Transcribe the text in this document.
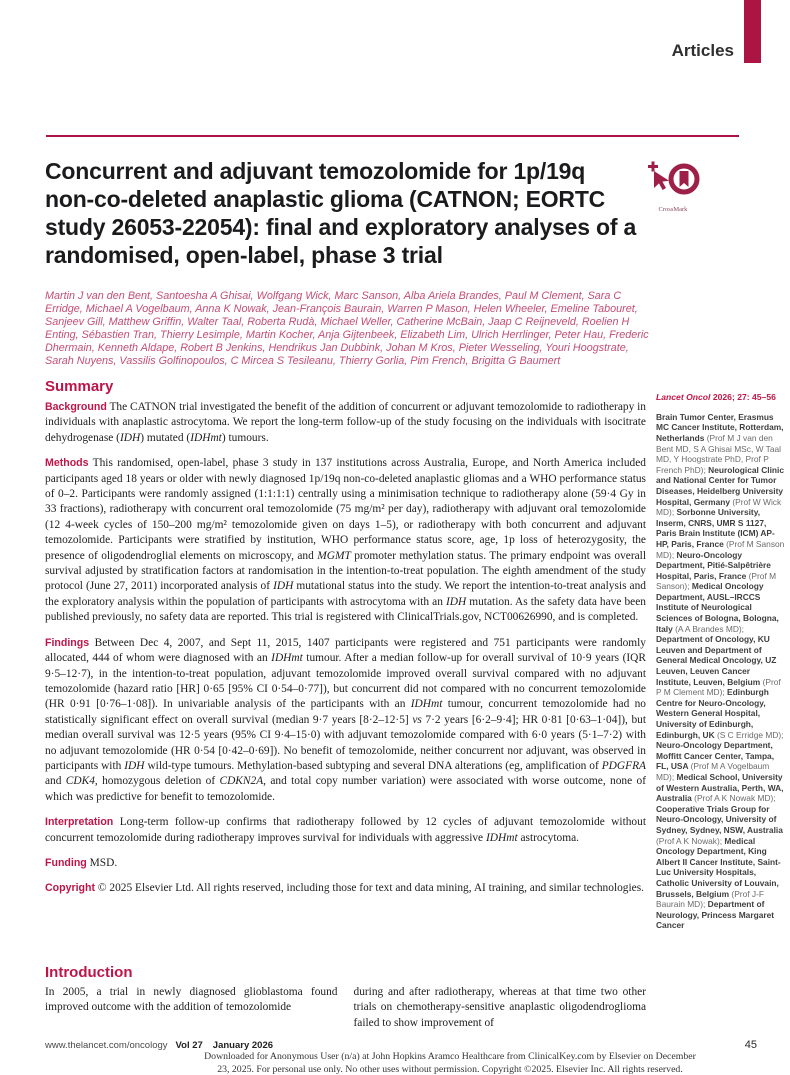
Articles
Concurrent and adjuvant temozolomide for 1p/19q non-co-deleted anaplastic glioma (CATNON; EORTC study 26053-22054): final and exploratory analyses of a randomised, open-label, phase 3 trial
CrossMark

Martin J van den Bent, Santoesha A Ghisai, Wolfgang Wick, Marc Sanson, Alba Ariela Brandes, Paul M Clement, Sara C Erridge, Michael A Vogelbaum, Anna K Nowak, Jean-François Baurain, Warren P Mason, Helen Wheeler, Emeline Tabouret, Sanjeev Gill, Matthew Griffin, Walter Taal, Roberta Rudà, Michael Weller, Catherine McBain, Jaap C Reijneveld, Roelien H Enting, Sébastien Tran, Thierry Lesimple, Martin Kocher, Anja Gijtenbeek, Elizabeth Lim, Ulrich Herrlinger, Peter Hau, Frederic Dhermain, Kenneth Aldape, Robert B Jenkins, Hendrikus Jan Dubbink, Johan M Kros, Pieter Wesseling, Youri Hoogstrate, Sarah Nuyens, Vassilis Golfinopoulos, C Mircea S Tesileanu, Thierry Gorlia, Pim French, Brigitta G Baumert

Summary

Background The CATNON trial investigated the benefit of the addition of concurrent or adjuvant temozolomide to radiotherapy in individuals with anaplastic astrocytoma. We report the long-term follow-up of the study focusing on the individuals with isocitrate dehydrogenase (IDH) mutated (IDHmt) tumours.

Methods This randomised, open-label, phase 3 study in 137 institutions across Australia, Europe, and North America included participants aged 18 years or older with newly diagnosed 1p/19q non-co-deleted anaplastic gliomas and a WHO performance status of 0–2. Participants were randomly assigned (1:1:1:1) centrally using a minimisation technique to radiotherapy alone (59·4 Gy in 33 fractions), radiotherapy with concurrent oral temozolomide (75 mg/m² per day), radiotherapy with adjuvant oral temozolomide (12 4-week cycles of 150–200 mg/m² temozolomide given on days 1–5), or radiotherapy with both concurrent and adjuvant temozolomide. Participants were stratified by institution, WHO performance status score, age, 1p loss of heterozygosity, the presence of oligodendroglial elements on microscopy, and MGMT promoter methylation status. The primary endpoint was overall survival adjusted by stratification factors at randomisation in the intention-to-treat population. The eighth amendment of the study protocol (June 27, 2011) incorporated analysis of IDH mutational status into the study. We report the intention-to-treat analysis and the exploratory analysis within the population of participants with astrocytoma with an IDH mutation. As the safety data have been published previously, no safety data are reported. This trial is registered with ClinicalTrials.gov, NCT00626990, and is completed.

Findings Between Dec 4, 2007, and Sept 11, 2015, 1407 participants were registered and 751 participants were randomly allocated, 444 of whom were diagnosed with an IDHmt tumour. After a median follow-up for overall survival of 10·9 years (IQR 9·5–12·7), in the intention-to-treat population, adjuvant temozolomide improved overall survival compared with no adjuvant temozolomide (hazard ratio [HR] 0·65 [95% CI 0·54–0·77]), but concurrent did not compared with no concurrent temozolomide (HR 0·91 [0·76–1·08]). In univariable analysis of the participants with an IDHmt tumour, concurrent temozolomide had no statistically significant effect on overall survival (median 9·7 years [8·2–12·5] vs 7·2 years [6·2–9·4]; HR 0·81 [0·63–1·04]), but median overall survival was 12·5 years (95% CI 9·4–15·0) with adjuvant temozolomide compared with 6·0 years (5·1–7·2) with no adjuvant temozolomide (HR 0·54 [0·42–0·69]). No benefit of temozolomide, neither concurrent nor adjuvant, was observed in participants with IDH wild-type tumours. Methylation-based subtyping and several DNA alterations (eg, amplification of PDGFRA and CDK4, homozygous deletion of CDKN2A, and total copy number variation) were associated with worse outcome, none of which was predictive for benefit to temozolomide.

Interpretation Long-term follow-up confirms that radiotherapy followed by 12 cycles of adjuvant temozolomide without concurrent temozolomide during radiotherapy improves survival for individuals with aggressive IDHmt astrocytoma.

Funding MSD.

Copyright © 2025 Elsevier Ltd. All rights reserved, including those for text and data mining, AI training, and similar technologies.

Lancet Oncol 2026; 27: 45–56

Brain Tumor Center, Erasmus MC Cancer Institute, Rotterdam, Netherlands (Prof M J van den Bent MD, S A Ghisai MSc, W Taal MD, Y Hoogstrate PhD, Prof P French PhD); Neurological Clinic and National Center for Tumor Diseases, Heidelberg University Hospital, Germany (Prof W Wick MD); Sorbonne University, Inserm, CNRS, UMR S 1127, Paris Brain Institute (ICM) AP-HP, Paris, France (Prof M Sanson MD); Neuro-Oncology Department, Pitié-Salpêtrière Hospital, Paris, France (Prof M Sanson); Medical Oncology Department, AUSL–IRCCS Institute of Neurological Sciences of Bologna, Bologna, Italy (A A Brandes MD); Department of Oncology, KU Leuven and Department of General Medical Oncology, UZ Leuven, Leuven Cancer Institute, Leuven, Belgium (Prof P M Clement MD); Edinburgh Centre for Neuro-Oncology, Western General Hospital, University of Edinburgh, Edinburgh, UK (S C Erridge MD); Neuro-Oncology Department, Moffitt Cancer Center, Tampa, FL, USA (Prof M A Vogelbaum MD); Medical School, University of Western Australia, Perth, WA, Australia (Prof A K Nowak MD); Cooperative Trials Group for Neuro-Oncology, University of Sydney, Sydney, NSW, Australia (Prof A K Nowak); Medical Oncology Department, King Albert II Cancer Institute, Saint-Luc University Hospitals, Catholic University of Louvain, Brussels, Belgium (Prof J-F Baurain MD); Department of Neurology, Princess Margaret Cancer

Introduction

In 2005, a trial in newly diagnosed glioblastoma found improved outcome with the addition of temozolomide

during and after radiotherapy, whereas at that time two other trials on chemotherapy-sensitive anaplastic oligodendroglioma failed to show improvement of

www.thelancet.com/oncology Vol 27 January 2026	45
Downloaded for Anonymous User (n/a) at John Hopkins Aramco Healthcare from ClinicalKey.com by Elsevier on December
23, 2025. For personal use only. No other uses without permission. Copyright ©2025. Elsevier Inc. All rights reserved.
